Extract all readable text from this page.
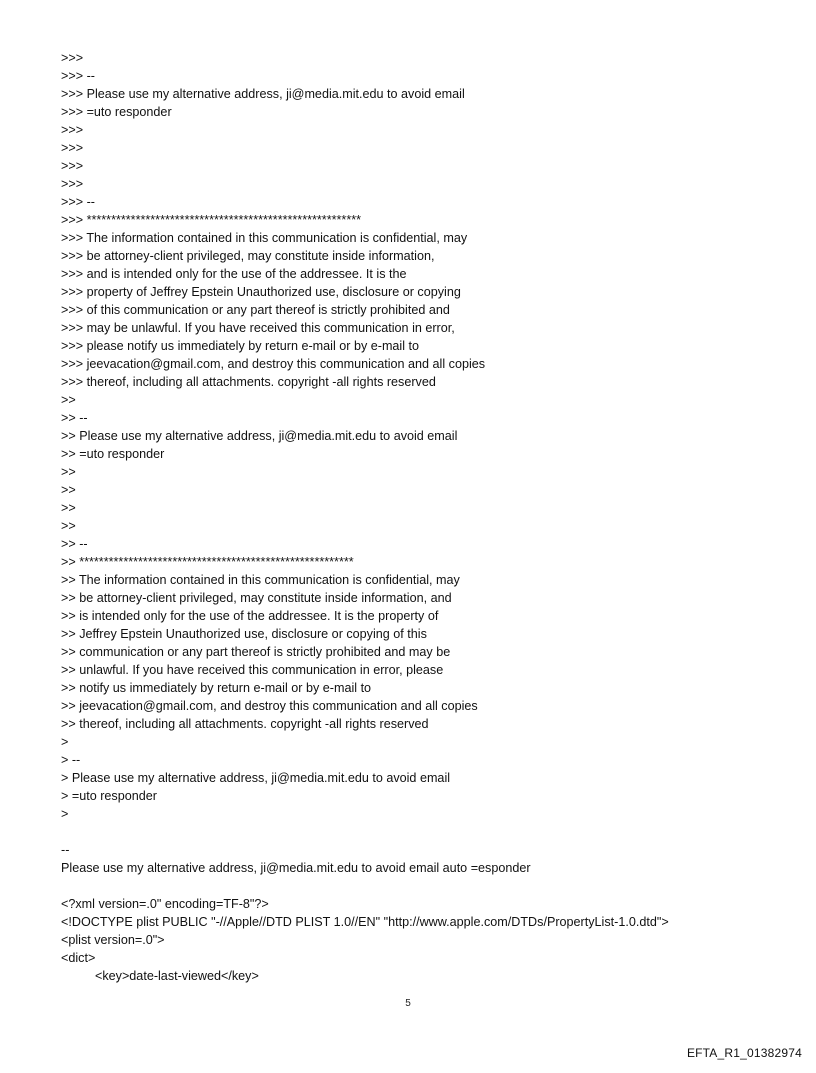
>>>
>>> --
>>> Please use my alternative address, ji@media.mit.edu to avoid email
>>> =uto responder
>>>
>>>
>>>
>>>
>>> --
>>> ********************************************************
>>> The information contained in this communication is confidential, may
>>> be attorney-client privileged, may constitute inside information,
>>> and is intended only for the use of the addressee. It is the
>>> property of Jeffrey Epstein Unauthorized use, disclosure or copying
>>> of this communication or any part thereof is strictly prohibited and
>>> may be unlawful. If you have received this communication in error,
>>> please notify us immediately by return e-mail or by e-mail to
>>> jeevacation@gmail.com, and destroy this communication and all copies
>>> thereof, including all attachments. copyright -all rights reserved
>>
>> --
>> Please use my alternative address, ji@media.mit.edu to avoid email
>> =uto responder
>>
>>
>>
>>
>> --
>> ********************************************************
>> The information contained in this communication is confidential, may
>> be attorney-client privileged, may constitute inside information, and
>> is intended only for the use of the addressee. It is the property of
>> Jeffrey Epstein Unauthorized use, disclosure or copying of this
>> communication or any part thereof is strictly prohibited and may be
>> unlawful. If you have received this communication in error, please
>> notify us immediately by return e-mail or by e-mail to
>> jeevacation@gmail.com, and destroy this communication and all copies
>> thereof, including all attachments. copyright -all rights reserved
>
> --
> Please use my alternative address, ji@media.mit.edu to avoid email
> =uto responder
>
--
Please use my alternative address, ji@media.mit.edu to avoid email auto =esponder
<?xml version=.0" encoding=TF-8"?>
<!DOCTYPE plist PUBLIC "-//Apple//DTD PLIST 1.0//EN" "http://www.apple.com/DTDs/PropertyList-1.0.dtd">
<plist version=.0">
<dict>
<key>date-last-viewed</key>
5
EFTA_R1_01382974
